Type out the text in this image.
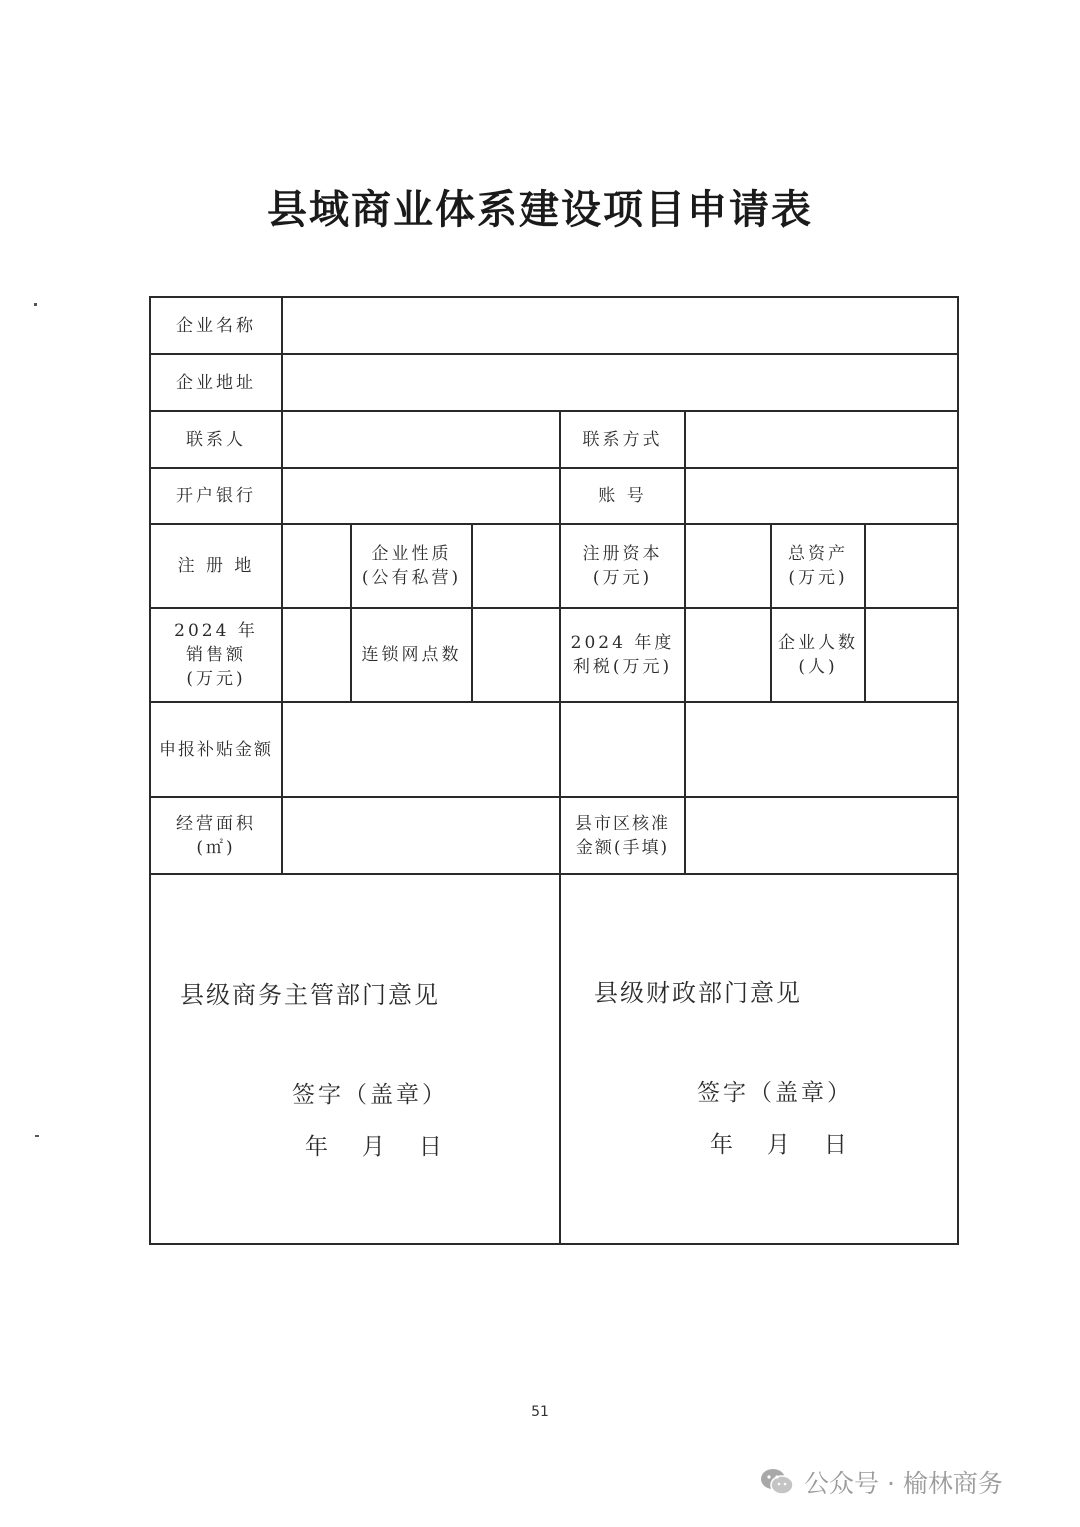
县域商业体系建设项目申请表
企业名称
企业地址
联系人	联系方式
开户银行	账 号
注 册 地
企业性质
(公有私营)
注册资本
(万元)
总资产
(万元)
2024 年
销售额
(万元)
连锁网点数
2024 年度
利税(万元)
企业人数
(人)
申报补贴金额
经营面积
(㎡)
县市区核准
金额(手填)
县级商务主管部门意见
签字（盖章）
年   月   日
县级财政部门意见
签字（盖章）
年   月   日
51
公众号 · 榆林商务
